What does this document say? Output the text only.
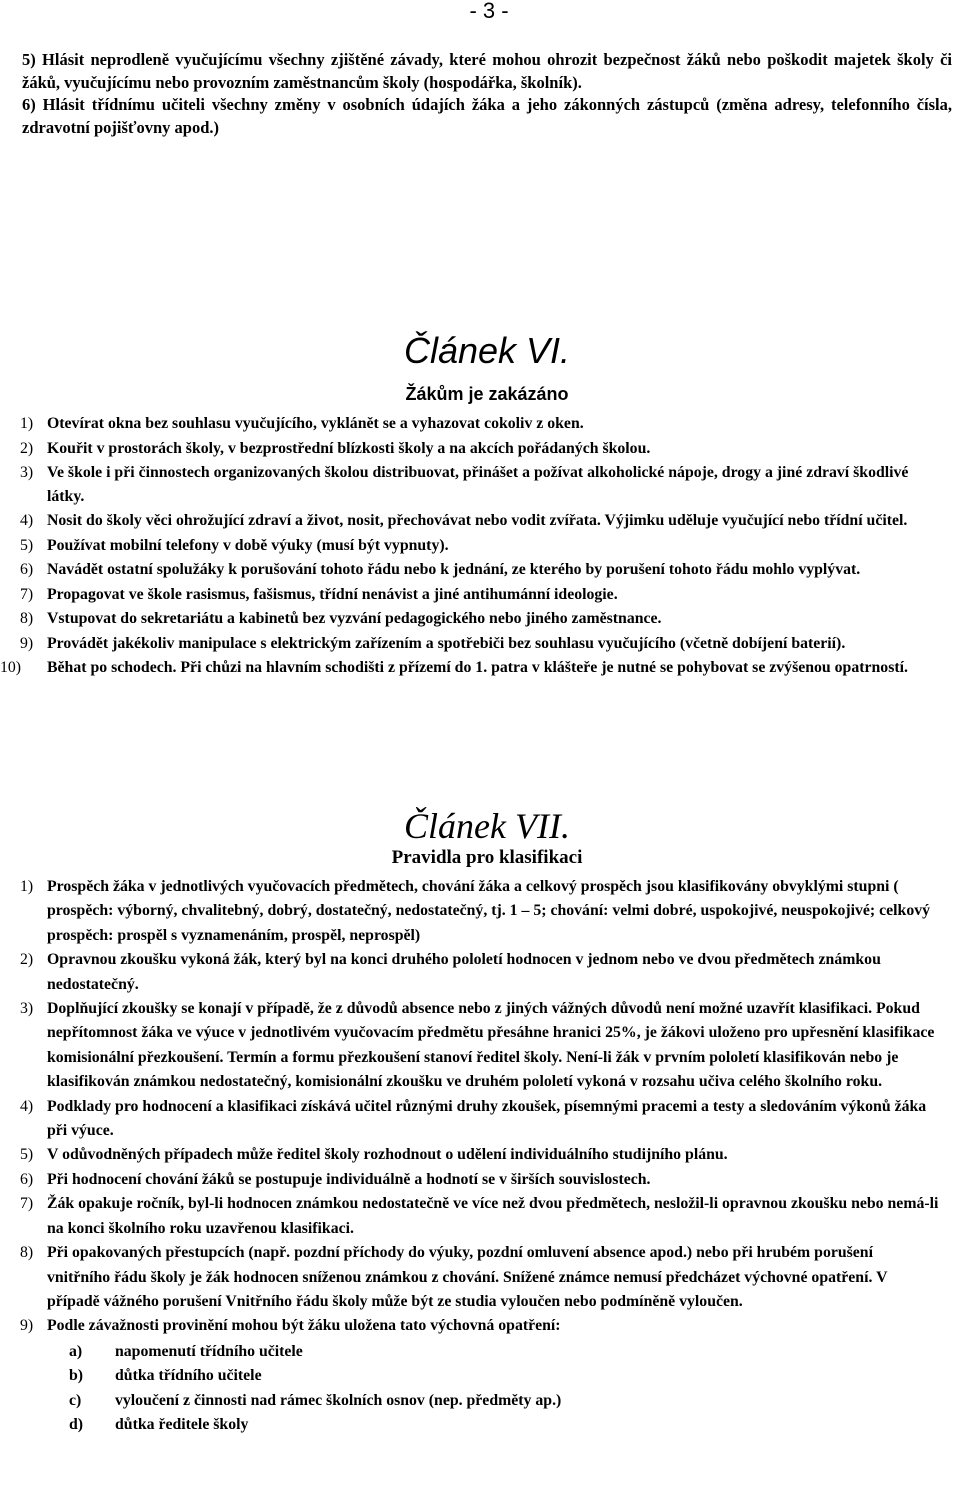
- 3 -

5) Hlásit neprodleně vyučujícímu všechny zjištěné závady, které mohou ohrozit bezpečnost žáků nebo poškodit majetek školy či žáků, vyučujícímu nebo provozním zaměstnancům školy (hospodářka, školník).

6) Hlásit třídnímu učiteli všechny změny v osobních údajích žáka a jeho zákonných zástupců (změna adresy, telefonního čísla, zdravotní pojišťovny apod.)

Článek VI.
Žákům je zakázáno
1) Otevírat okna bez souhlasu vyučujícího, vyklánět se a vyhazovat cokoliv z oken.
2) Kouřit v prostorách školy, v bezprostřední blízkosti školy a na akcích pořádaných školou.
3) Ve škole i při činnostech organizovaných školou distribuovat, přinášet a požívat alkoholické nápoje, drogy a jiné zdraví škodlivé látky.
4) Nosit do školy věci ohrožující zdraví a život, nosit, přechovávat nebo vodit zvířata. Výjimku uděluje vyučující nebo třídní učitel.
5) Používat mobilní telefony v době výuky (musí být vypnuty).
6) Navádět ostatní spolužáky k porušování tohoto řádu nebo k jednání, ze kterého by porušení tohoto řádu mohlo vyplývat.
7) Propagovat ve škole rasismus, fašismus, třídní nenávist a jiné antihumánní ideologie.
8) Vstupovat do sekretariátu a kabinetů bez vyzvání pedagogického nebo jiného zaměstnance.
9) Provádět jakékoliv manipulace s elektrickým zařízením a spotřebiči bez souhlasu vyučujícího (včetně dobíjení baterií).
10) Běhat po schodech. Při chůzi na hlavním schodišti z přízemí do 1. patra v klášteře je nutné se pohybovat se zvýšenou opatrností.
Článek VII.
Pravidla pro klasifikaci
1) Prospěch žáka v jednotlivých vyučovacích předmětech, chování žáka a celkový prospěch jsou klasifikovány obvyklými stupni ( prospěch: výborný, chvalitebný, dobrý, dostatečný, nedostatečný, tj. 1 – 5; chování: velmi dobré, uspokojivé, neuspokojivé; celkový prospěch: prospěl s vyznamenáním, prospěl, neprospěl)
2) Opravnou zkoušku vykoná žák, který byl na konci druhého pololetí hodnocen v jednom nebo ve dvou předmětech známkou nedostatečný.
3) Doplňující zkoušky se konají v případě, že z důvodů absence nebo z jiných vážných důvodů není možné uzavřít klasifikaci. Pokud nepřítomnost žáka ve výuce v jednotlivém vyučovacím předmětu přesáhne hranici 25%, je žákovi uloženo pro upřesnění klasifikace komisionální přezkoušení. Termín a formu přezkoušení stanoví ředitel školy. Není-li žák v prvním pololetí klasifikován nebo je klasifikován známkou nedostatečný, komisionální zkoušku ve druhém pololetí vykoná v rozsahu učiva celého školního roku.
4) Podklady pro hodnocení a klasifikaci získává učitel různými druhy zkoušek, písemnými pracemi a testy a sledováním výkonů žáka při výuce.
5) V odůvodněných případech může ředitel školy rozhodnout o udělení individuálního studijního plánu.
6) Při hodnocení chování žáků se postupuje individuálně a hodnotí se v širších souvislostech.
7) Žák opakuje ročník, byl-li hodnocen známkou nedostatečně ve více než dvou předmětech, nesložil-li opravnou zkoušku nebo nemá-li na konci školního roku uzavřenou klasifikaci.
8) Při opakovaných přestupcích (např. pozdní příchody do výuky, pozdní omluvení absence apod.) nebo při hrubém porušení vnitřního řádu školy je žák hodnocen sníženou známkou z chování. Snížené známce nemusí předcházet výchovné opatření. V případě vážného porušení Vnitřního řádu školy může být ze studia vyloučen nebo podmíněně vyloučen.
9) Podle závažnosti provinění mohou být žáku uložena tato výchovná opatření:
a) napomenutí třídního učitele
b) důtka třídního učitele
c) vyloučení z činnosti nad rámec školních osnov (nep. předměty ap.)
d) důtka ředitele školy
